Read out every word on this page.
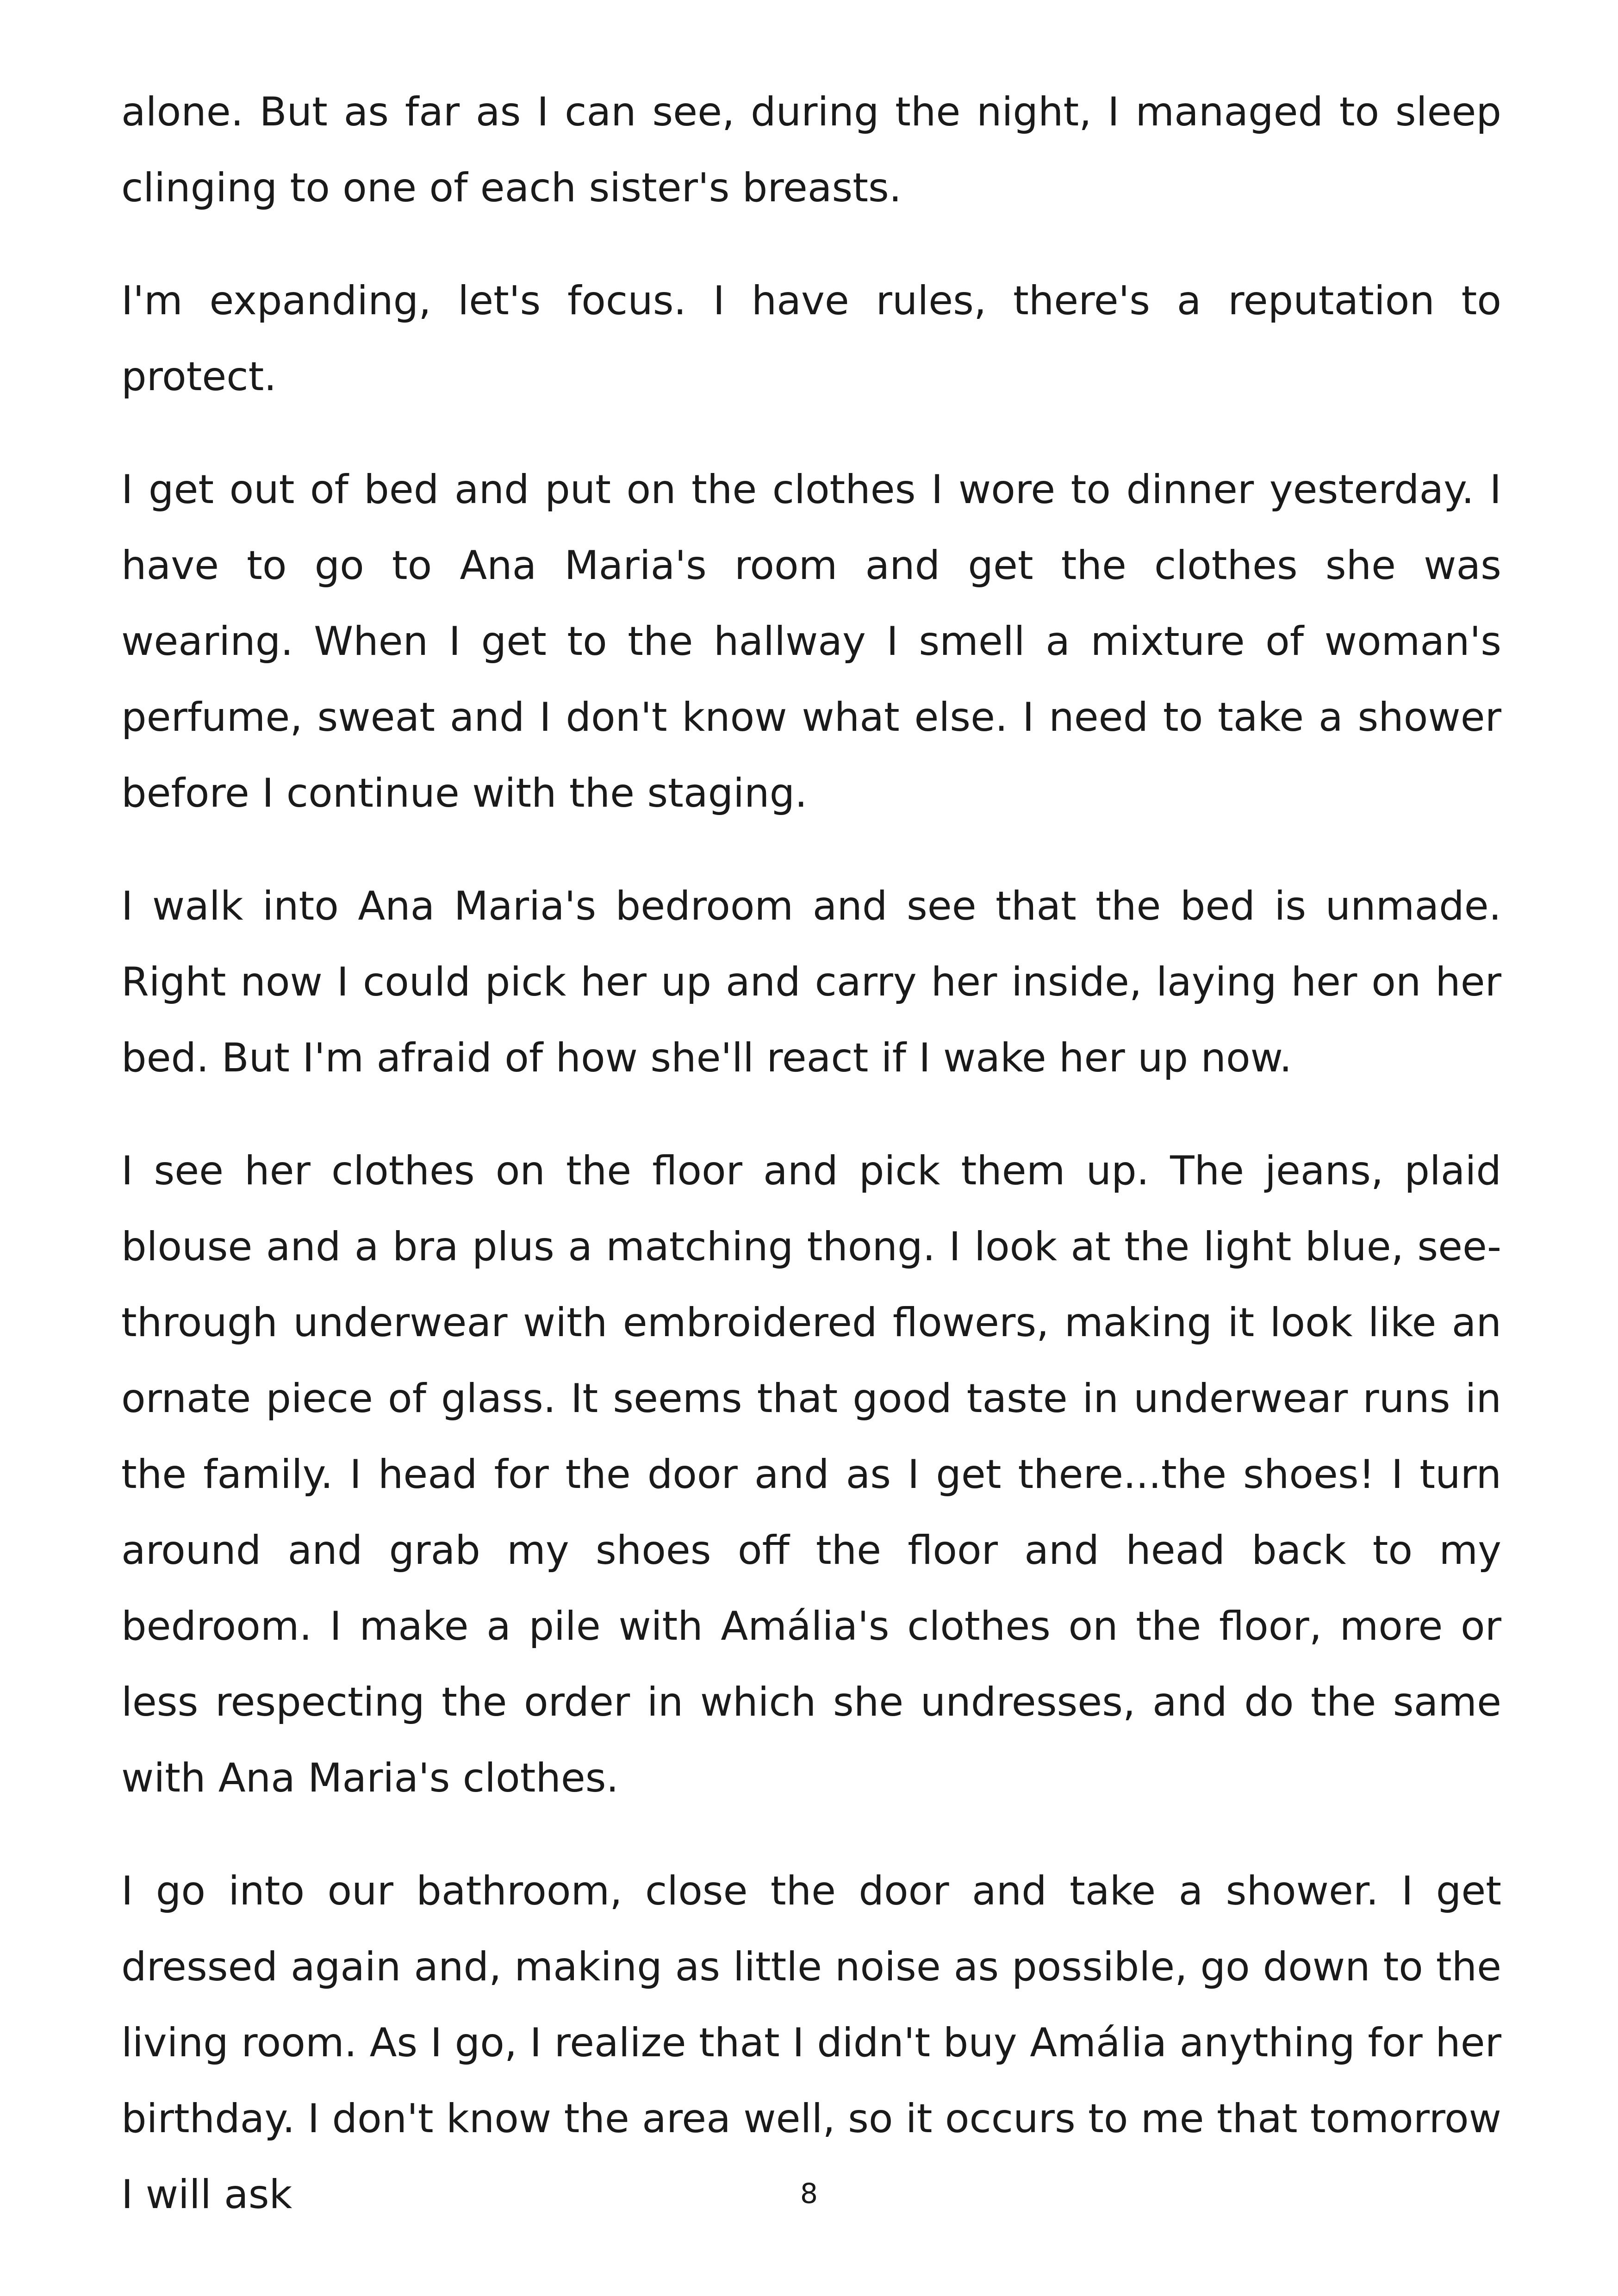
alone. But as far as I can see, during the night, I managed to sleep clinging to one of each sister's breasts.

I'm expanding, let's focus. I have rules, there's a reputation to protect.

I get out of bed and put on the clothes I wore to dinner yesterday. I have to go to Ana Maria's room and get the clothes she was wearing. When I get to the hallway I smell a mixture of woman's perfume, sweat and I don't know what else. I need to take a shower before I continue with the staging.

I walk into Ana Maria's bedroom and see that the bed is unmade. Right now I could pick her up and carry her inside, laying her on her bed. But I'm afraid of how she'll react if I wake her up now.

I see her clothes on the floor and pick them up. The jeans, plaid blouse and a bra plus a matching thong. I look at the light blue, see-through underwear with embroidered flowers, making it look like an ornate piece of glass. It seems that good taste in underwear runs in the family. I head for the door and as I get there...the shoes! I turn around and grab my shoes off the floor and head back to my bedroom. I make a pile with Amália's clothes on the floor, more or less respecting the order in which she undresses, and do the same with Ana Maria's clothes.

I go into our bathroom, close the door and take a shower. I get dressed again and, making as little noise as possible, go down to the living room. As I go, I realize that I didn't buy Amália anything for her birthday. I don't know the area well, so it occurs to me that tomorrow I will ask	8
